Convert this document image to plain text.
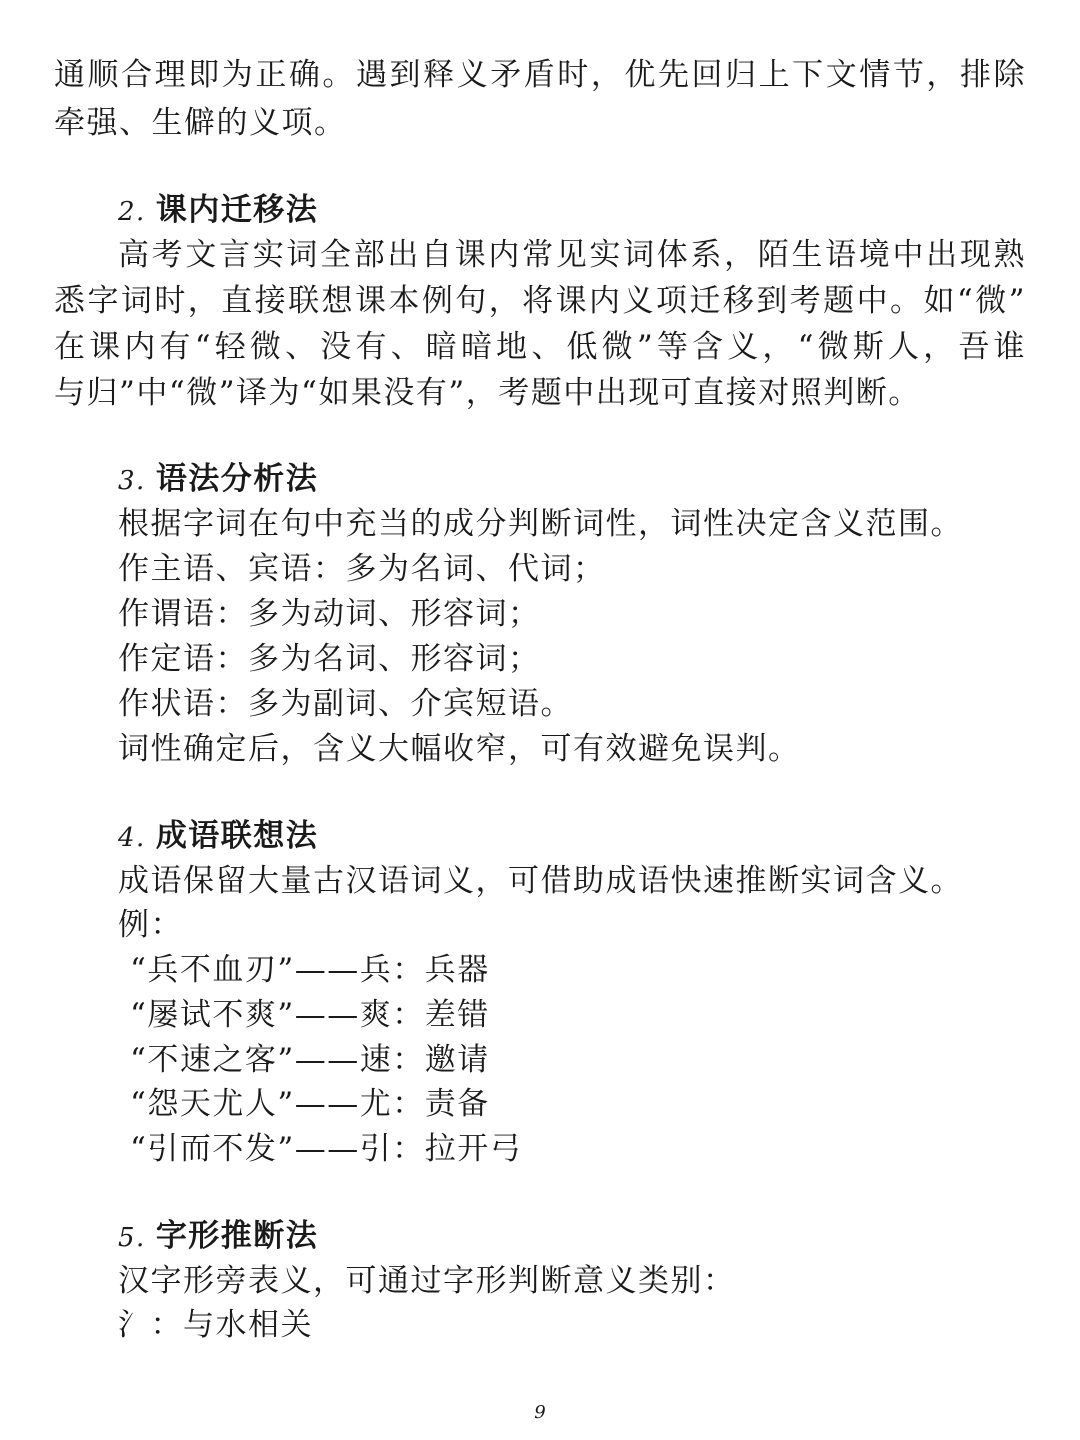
通顺合理即为正确。遇到释义矛盾时，优先回归上下文情节，排除
牵强、生僻的义项。
2. 课内迁移法
高考文言实词全部出自课内常见实词体系，陌生语境中出现熟
悉字词时，直接联想课本例句，将课内义项迁移到考题中。如“微”
在课内有“轻微、没有、暗暗地、低微”等含义，“微斯人，吾谁
与归”中“微”译为“如果没有”，考题中出现可直接对照判断。
3. 语法分析法
根据字词在句中充当的成分判断词性，词性决定含义范围。
作主语、宾语：多为名词、代词；
作谓语：多为动词、形容词；
作定语：多为名词、形容词；
作状语：多为副词、介宾短语。
词性确定后，含义大幅收窄，可有效避免误判。
4. 成语联想法
成语保留大量古汉语词义，可借助成语快速推断实词含义。
例：
“兵不血刃”——兵：兵器
“屡试不爽”——爽：差错
“不速之客”——速：邀请
“怨天尤人”——尤：责备
“引而不发”——引：拉开弓
5. 字形推断法
汉字形旁表义，可通过字形判断意义类别：
氵：与水相关
9
